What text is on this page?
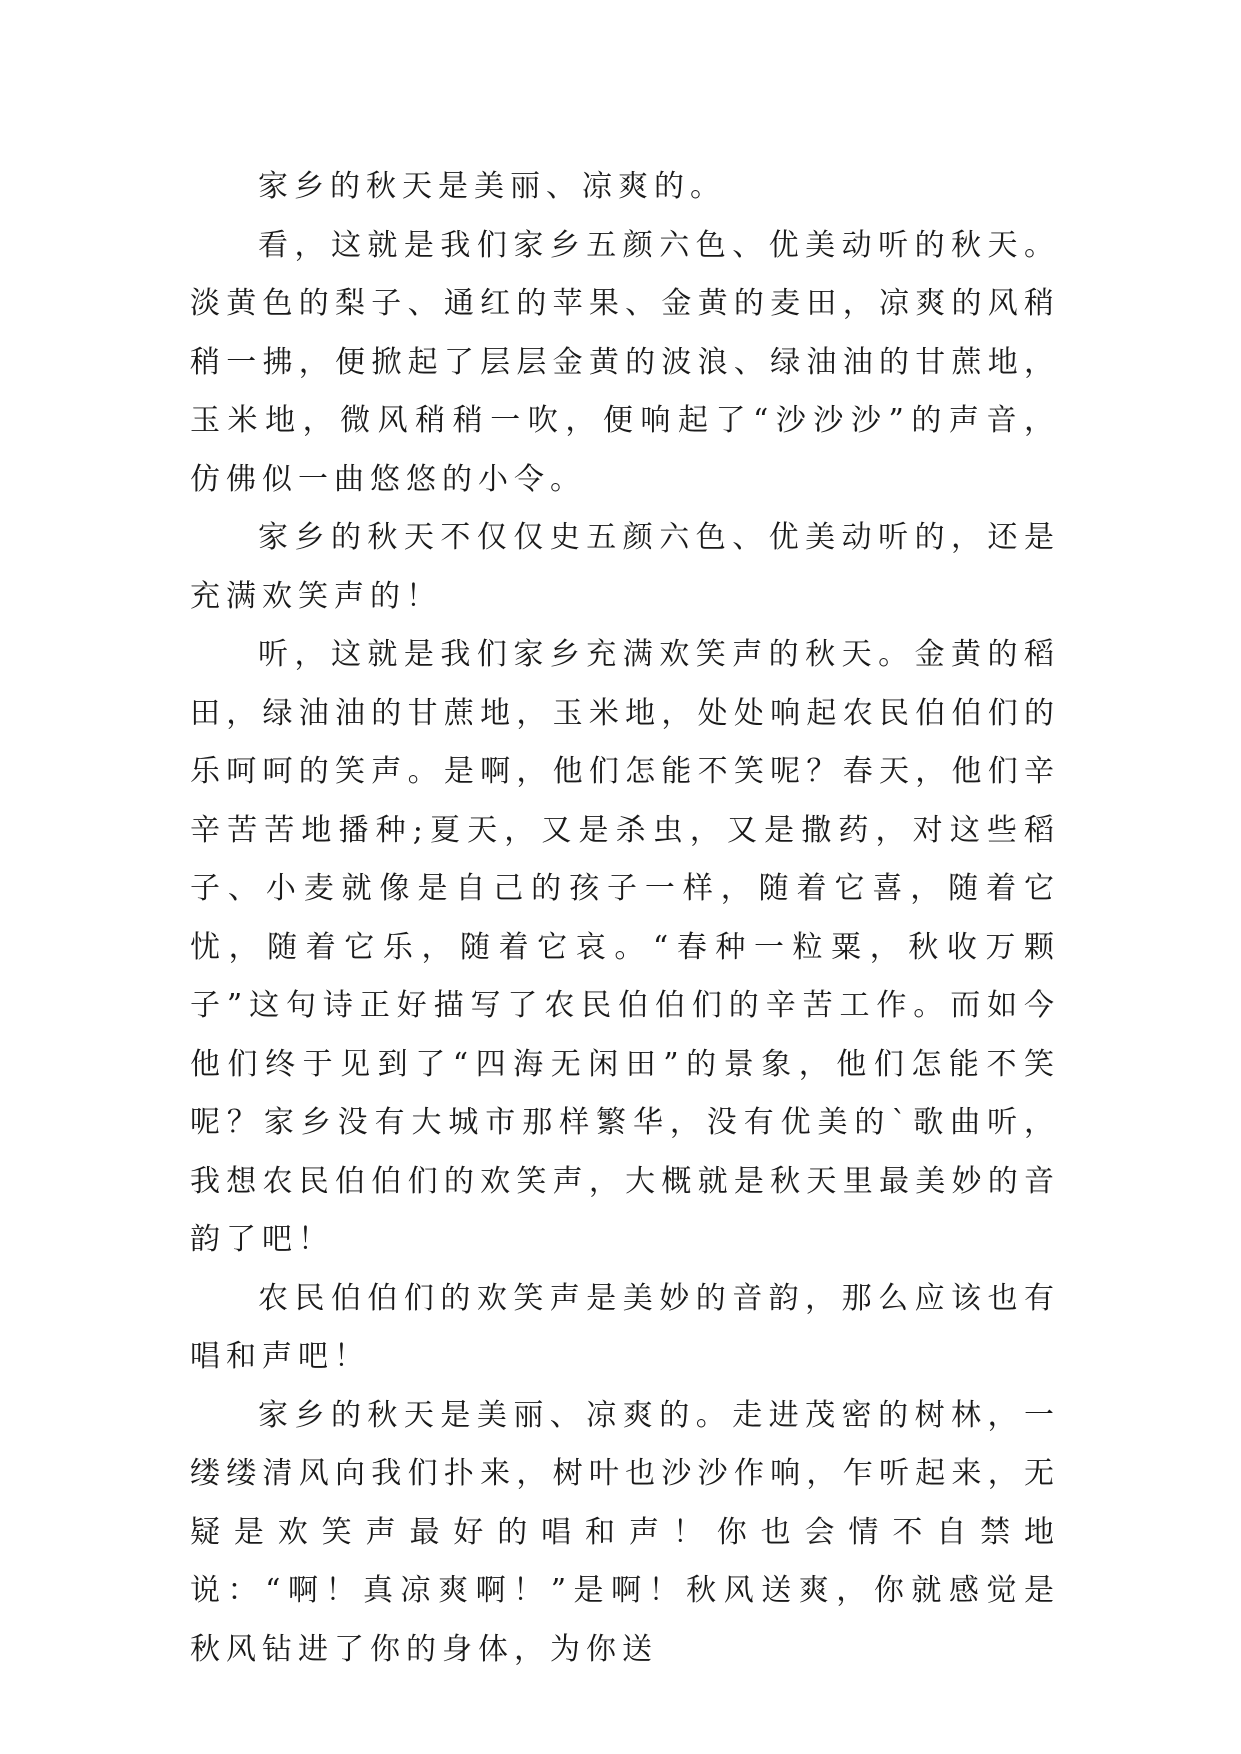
家乡的秋天是美丽、凉爽的。

看，这就是我们家乡五颜六色、优美动听的秋天。淡黄色的梨子、通红的苹果、金黄的麦田，凉爽的风稍稍一拂，便掀起了层层金黄的波浪、绿油油的甘蔗地，玉米地，微风稍稍一吹，便响起了“沙沙沙”的声音，仿佛似一曲悠悠的小令。

家乡的秋天不仅仅史五颜六色、优美动听的，还是充满欢笑声的！

听，这就是我们家乡充满欢笑声的秋天。金黄的稻田，绿油油的甘蔗地，玉米地，处处响起农民伯伯们的乐呵呵的笑声。是啊，他们怎能不笑呢？春天，他们辛辛苦苦地播种;夏天，又是杀虫，又是撒药，对这些稻子、小麦就像是自己的孩子一样，随着它喜，随着它忧，随着它乐，随着它哀。“春种一粒粟，秋收万颗子”这句诗正好描写了农民伯伯们的辛苦工作。而如今他们终于见到了“四海无闲田”的景象，他们怎能不笑呢？家乡没有大城市那样繁华，没有优美的`歌曲听，我想农民伯伯们的欢笑声，大概就是秋天里最美妙的音韵了吧！

农民伯伯们的欢笑声是美妙的音韵，那么应该也有唱和声吧！

家乡的秋天是美丽、凉爽的。走进茂密的树林，一缕缕清风向我们扑来，树叶也沙沙作响，乍听起来，无疑是欢笑声最好的唱和声！你也会情不自禁地说：“啊！真凉爽啊！”是啊！秋风送爽，你就感觉是秋风钻进了你的身体，为你送
